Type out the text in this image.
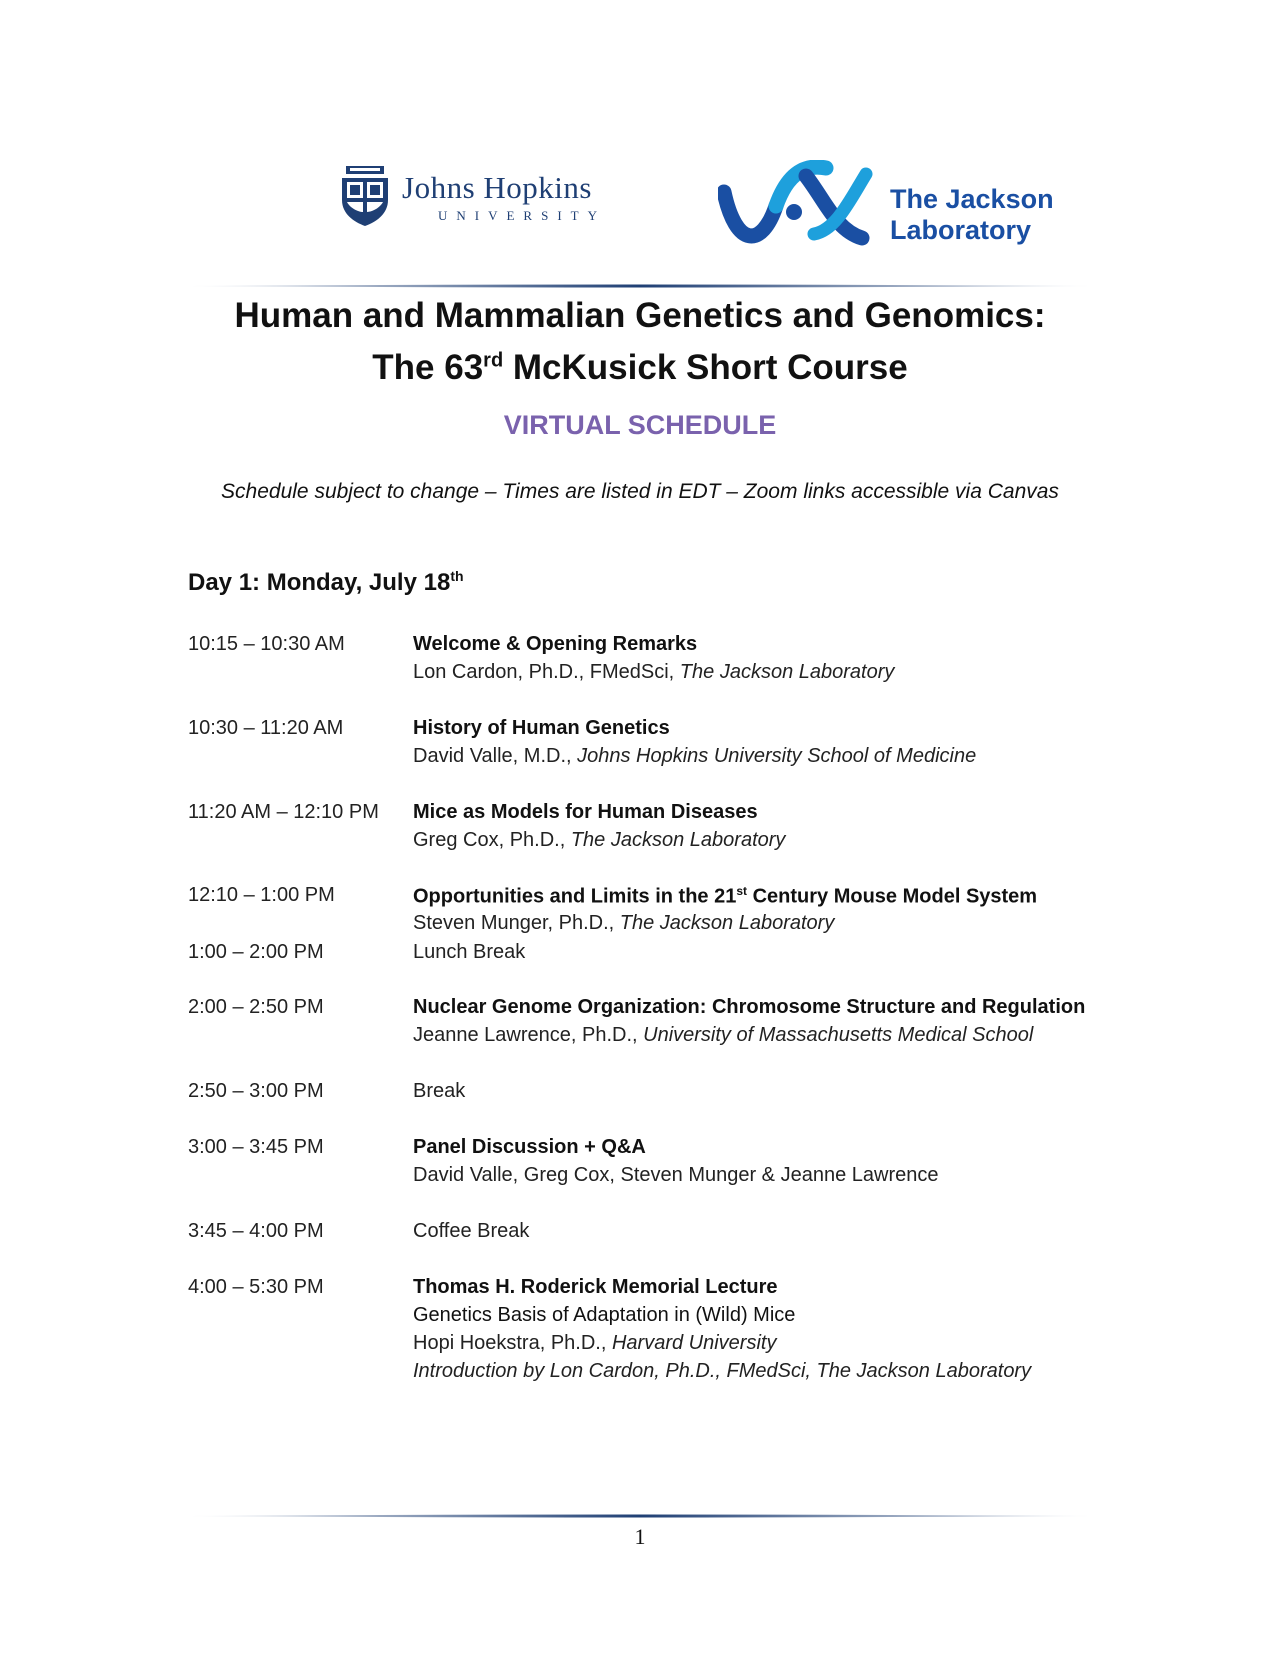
Johns Hopkins
UNIVERSITY
The Jackson
Laboratory
Human and Mammalian Genetics and Genomics:
The 63rd McKusick Short Course
VIRTUAL SCHEDULE
Schedule subject to change – Times are listed in EDT – Zoom links accessible via Canvas
Day 1: Monday, July 18th
10:15 – 10:30 AM	Welcome & Opening Remarks
Lon Cardon, Ph.D., FMedSci, The Jackson Laboratory
10:30 – 11:20 AM	History of Human Genetics
David Valle, M.D., Johns Hopkins University School of Medicine
11:20 AM – 12:10 PM Mice as Models for Human Diseases
Greg Cox, Ph.D., The Jackson Laboratory
12:10 – 1:00 PM	Opportunities and Limits in the 21st Century Mouse Model System
Steven Munger, Ph.D., The Jackson Laboratory
1:00 – 2:00 PM	Lunch Break
2:00 – 2:50 PM	Nuclear Genome Organization: Chromosome Structure and Regulation
Jeanne Lawrence, Ph.D., University of Massachusetts Medical School
2:50 – 3:00 PM	Break
3:00 – 3:45 PM	Panel Discussion + Q&A
David Valle, Greg Cox, Steven Munger & Jeanne Lawrence
3:45 – 4:00 PM	Coffee Break
4:00 – 5:30 PM	Thomas H. Roderick Memorial Lecture
Genetics Basis of Adaptation in (Wild) Mice
Hopi Hoekstra, Ph.D., Harvard University
Introduction by Lon Cardon, Ph.D., FMedSci, The Jackson Laboratory
1
